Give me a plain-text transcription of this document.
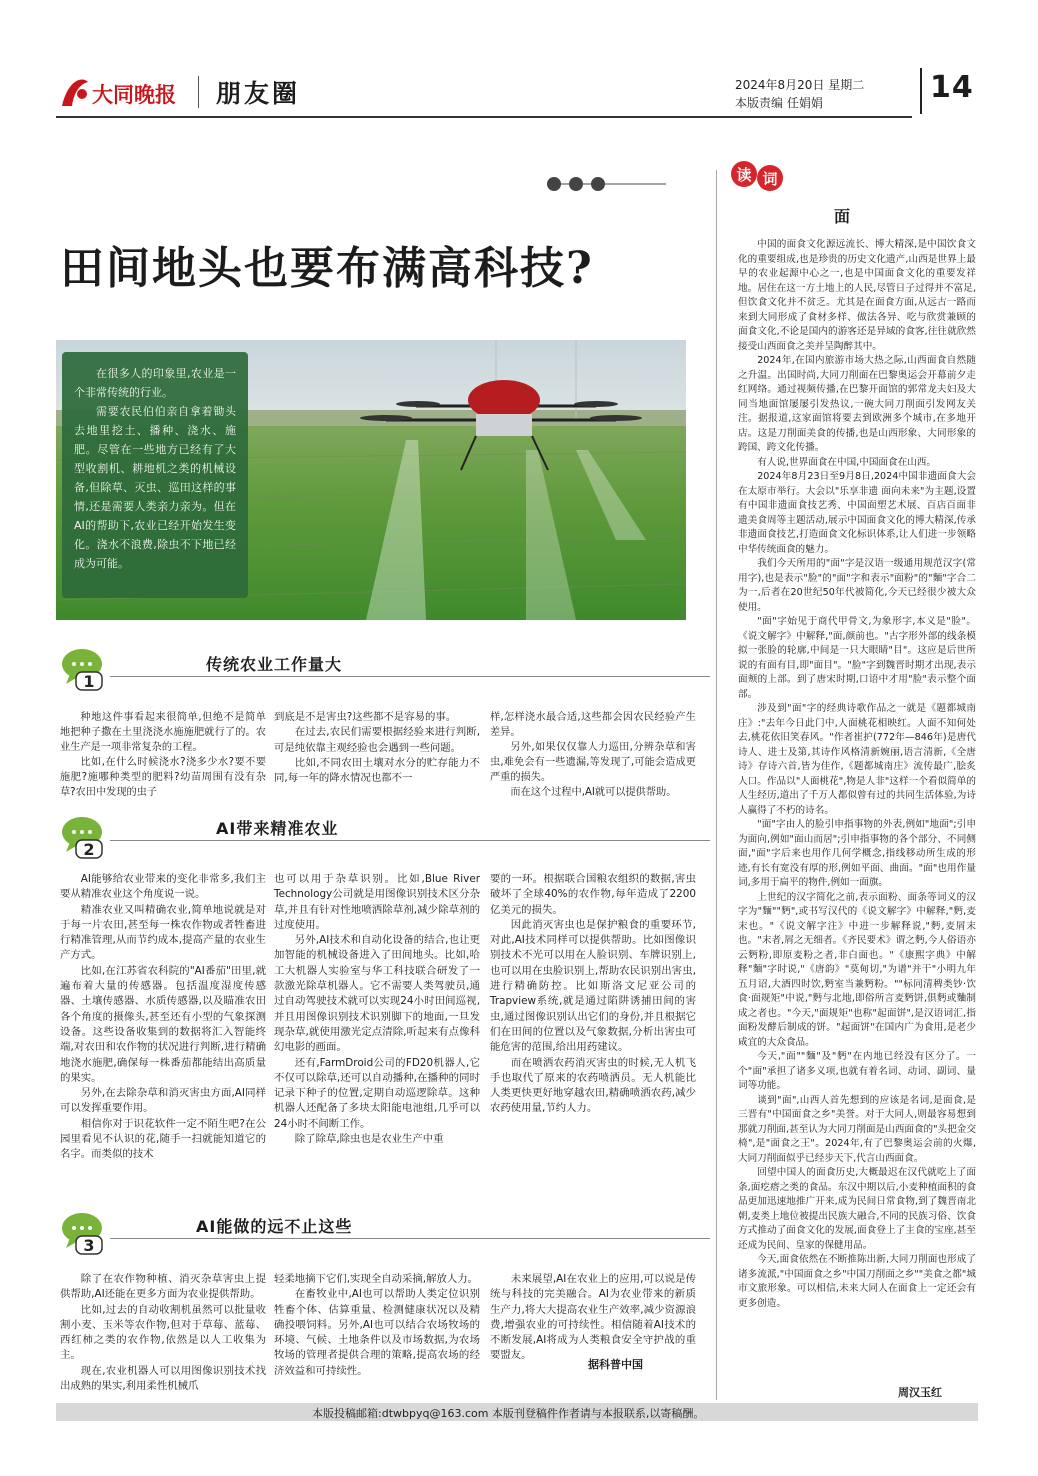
大同晚报 朋友圈	2024年8月20日 星期二
本版责编 任娟娟	14
田间地头也要布满高科技?

在很多人的印象里,农业是一个非常传统的行业。

需要农民伯伯亲自拿着锄头去地里挖土、播种、浇水、施肥。尽管在一些地方已经有了大型收割机、耕地机之类的机械设备,但除草、灭虫、巡田这样的事情,还是需要人类亲力亲为。但在AI的帮助下,农业已经开始发生变化。浇水不浪费,除虫不下地已经成为可能。

1
传统农业工作量大

种地这件事看起来很简单,但绝不是简单地把种子撒在土里浇浇水施施肥就行了的。农业生产是一项非常复杂的工程。

比如,在什么时候浇水?浇多少水?要不要施肥?施哪种类型的肥料?幼苗周围有没有杂草?农田中发现的虫子

到底是不是害虫?这些都不是容易的事。

在过去,农民们需要根据经验来进行判断,可是纯依靠主观经验也会遇到一些问题。

比如,不同农田土壤对水分的贮存能力不同,每一年的降水情况也都不一

样,怎样浇水最合适,这些都会因农民经验产生差异。

另外,如果仅仅靠人力巡田,分辨杂草和害虫,难免会有一些遗漏,等发现了,可能会造成更严重的损失。

而在这个过程中,AI就可以提供帮助。

2
AI带来精准农业

AI能够给农业带来的变化非常多,我们主要从精准农业这个角度说一说。

精准农业又叫精确农业,简单地说就是对于每一片农田,甚至每一株农作物或者牲畜进行精准管理,从而节约成本,提高产量的农业生产方式。

比如,在江苏省农科院的"AI番茄"田里,就遍布着大量的传感器。包括温度湿度传感器、土壤传感器、水质传感器,以及瞄准农田各个角度的摄像头,甚至还有小型的气象探测设备。这些设备收集到的数据将汇入智能终端,对农田和农作物的状况进行判断,进行精确地浇水施肥,确保每一株番茄都能结出高质量的果实。

另外,在去除杂草和消灭害虫方面,AI同样可以发挥重要作用。

相信你对于识花软件一定不陌生吧?在公园里看见不认识的花,随手一扫就能知道它的名字。而类似的技术

也可以用于杂草识别。比如,Blue River Technology公司就是用图像识别技术区分杂草,并且有针对性地喷洒除草剂,减少除草剂的过度使用。

另外,AI技术和自动化设备的结合,也让更加智能的机械设备进入了田间地头。比如,哈工大机器人实验室与华工科技联合研发了一款激光除草机器人。它不需要人类驾驶员,通过自动驾驶技术就可以实现24小时田间巡视,并且用图像识别技术识别脚下的地面,一旦发现杂草,就使用激光定点清除,听起来有点像科幻电影的画面。

还有,FarmDroid公司的FD20机器人,它不仅可以除草,还可以自动播种,在播种的同时记录下种子的位置,定期自动巡逻除草。这种机器人还配备了多块太阳能电池组,几乎可以24小时不间断工作。

除了除草,除虫也是农业生产中重

要的一环。根据联合国粮农组织的数据,害虫破坏了全球40%的农作物,每年造成了2200亿美元的损失。

因此消灭害虫也是保护粮食的重要环节,对此,AI技术同样可以提供帮助。比如图像识别技术不光可以用在人脸识别、车牌识别上,也可以用在虫脸识别上,帮助农民识别出害虫,进行精确防控。比如斯洛文尼亚公司的Trapview系统,就是通过陷阱诱捕田间的害虫,通过图像识别认出它们的身份,并且根据它们在田间的位置以及气象数据,分析出害虫可能危害的范围,给出用药建议。

而在喷洒农药消灭害虫的时候,无人机飞手也取代了原来的农药喷洒员。无人机能比人类更快更好地穿越农田,精确喷洒农药,减少农药使用量,节约人力。

3
AI能做的远不止这些

除了在农作物种植、消灭杂草害虫上提供帮助,AI还能在更多方面为农业提供帮助。

比如,过去的自动收割机虽然可以批量收割小麦、玉米等农作物,但对于草莓、蓝莓、西红柿之类的农作物,依然是以人工收集为主。

现在,农业机器人可以用图像识别技术找出成熟的果实,利用柔性机械爪

轻柔地摘下它们,实现全自动采摘,解放人力。

在畜牧业中,AI也可以帮助人类定位识别牲畜个体、估算重量、检测健康状况以及精确投喂饲料。另外,AI也可以结合农场牧场的环境、气候、土地条件以及市场数据,为农场牧场的管理者提供合理的策略,提高农场的经济效益和可持续性。

未来展望,AI在农业上的应用,可以说是传统与科技的完美融合。AI为农业带来的新质生产力,将大大提高农业生产效率,减少资源浪费,增强农业的可持续性。相信随着AI技术的不断发展,AI将成为人类粮食安全守护战的重要盟友。

据科普中国
读 词
面

中国的面食文化源远流长、博大精深,是中国饮食文化的重要组成,也是珍贵的历史文化遗产,山西是世界上最早的农业起源中心之一,也是中国面食文化的重要发祥地。居住在这一方土地上的人民,尽管日子过得并不富足,但饮食文化并不贫乏。尤其是在面食方面,从远古一路而来到大同形成了食材多样、做法各异、吃与欣赏兼顾的面食文化,不论是国内的游客还是异域的食客,往往就欣然接受山西面食之美并呈陶醉其中。

2024年,在国内旅游市场大热之际,山西面食自然随之升温。出国时尚,大同刀削面在巴黎奥运会开幕前夕走红网络。通过视频传播,在巴黎开面馆的郭常龙夫妇及大同当地面馆屡屡引发热议,一碗大同刀削面引发网友关注。据报道,这家面馆将要去到欧洲多个城市,在多地开店。这是刀削面美食的传播,也是山西形象、大同形象的跨国、跨文化传播。

有人说,世界面食在中国,中国面食在山西。

2024年8月23日至9月8日,2024中国非遗面食大会在太原市举行。大会以"乐享非遗 面向未来"为主题,设置有中国非遗面食技艺秀、中国面塑艺术展、百店百面非遗美食周等主题活动,展示中国面食文化的博大精深,传承非遗面食技艺,打造面食文化标识体系,让人们进一步领略中华传统面食的魅力。

我们今天所用的"面"字是汉语一级通用规范汉字(常用字),也是表示"脸"的"面"字和表示"面粉"的"麵"字合二为一,后者在20世纪50年代被简化,今天已经很少被大众使用。

"面"字始见于商代甲骨文,为象形字,本义是"脸"。《说文解字》中解释,"面,颜前也。"古字形外部的线条模拟一张脸的轮廓,中间是一只大眼睛"目"。这应是后世所说的有面有目,即"面目"。"脸"字到魏晋时期才出现,表示面颊的上部。到了唐宋时期,口语中才用"脸"表示整个面部。

涉及到"面"字的经典诗歌作品之一就是《题都城南庄》:"去年今日此门中,人面桃花相映红。人面不知何处去,桃花依旧笑春风。"作者崔护(772年—846年)是唐代诗人、进士及第,其诗作风格清新婉丽,语言清新,《全唐诗》存诗六首,皆为佳作,《题都城南庄》流传最广,脍炙人口。作品以"人面桃花",物是人非"这样一个看似简单的人生经历,道出了千万人都似曾有过的共同生活体验,为诗人赢得了不朽的诗名。

"面"字由人的脸引申指事物的外表,例如"地面";引申为面向,例如"面山而居";引申指事物的各个部分、不同侧面,"面"字后来也用作几何学概念,指线移动所生成的形迹,有长有宽没有厚的形,例如平面、曲面。"面"也用作量词,多用于扁平的物件,例如一面旗。

上世纪的汉字简化之前,表示面粉、面条等词义的汉字为"麵""麪",或书写汉代的《说文解字》中解释,"麪,麦末也。"《说文解字注》中进一步解释说,"麪,麦屑末也。"末者,屑之无细者。《齐民要术》谓之麪,今人俗语亦云麪粉,即原麦粉之者,非白面也。"《康熙字典》中解释"麵"字时说,"《唐韵》"莫甸切,"为谱"并干"小明九年五月诏,大酒四时饮,麪室当兼麪粉。""标同清稗类钞·饮食·面规矩"中说,"麪与北地,即俗所言麦麪饼,俱麪或麯制成之者也。"今天,"面规矩"也称"起面饼",是汉语词汇,指面粉发酵后制成的饼。"起面饼"在国内广为食用,是老少咸宜的大众食品。

今天,"面""麵"及"麪"在内地已经没有区分了。一个"面"承担了诸多义项,也就有着名词、动词、副词、量词等功能。

谈到"面",山西人首先想到的应该是名词,是面食,是三晋有"中国面食之乡"美誉。对于大同人,则最容易想到那就刀削面,甚至认为大同刀削面是山西面食的"头把金交椅",是"面食之王"。2024年,有了巴黎奥运会前的火爆,大同刀削面似乎已经步天下,代言山西面食。

回望中国人的面食历史,大概最迟在汉代就吃上了面条,面疙瘩之类的食品。东汉中期以后,小麦种植面积的食品更加迅速地推广开来,成为民间日常食物,到了魏晋南北朝,麦类上地位被提出民族大融合,不同的民族习俗、饮食方式推动了面食文化的发展,面食登上了主食的宝座,甚至还成为民间、皇家的保健用品。

今天,面食依然在不断推陈出新,大同刀削面也形成了诸多流派,"中国面食之乡"中国刀削面之乡""美食之都"城市文旅形象。可以相信,未来大同人在面食上一定还会有更多创造。

周汉玉红
本版投稿邮箱:dtwbpyq@163.com 本版刊登稿件作者请与本报联系,以寄稿酬。
